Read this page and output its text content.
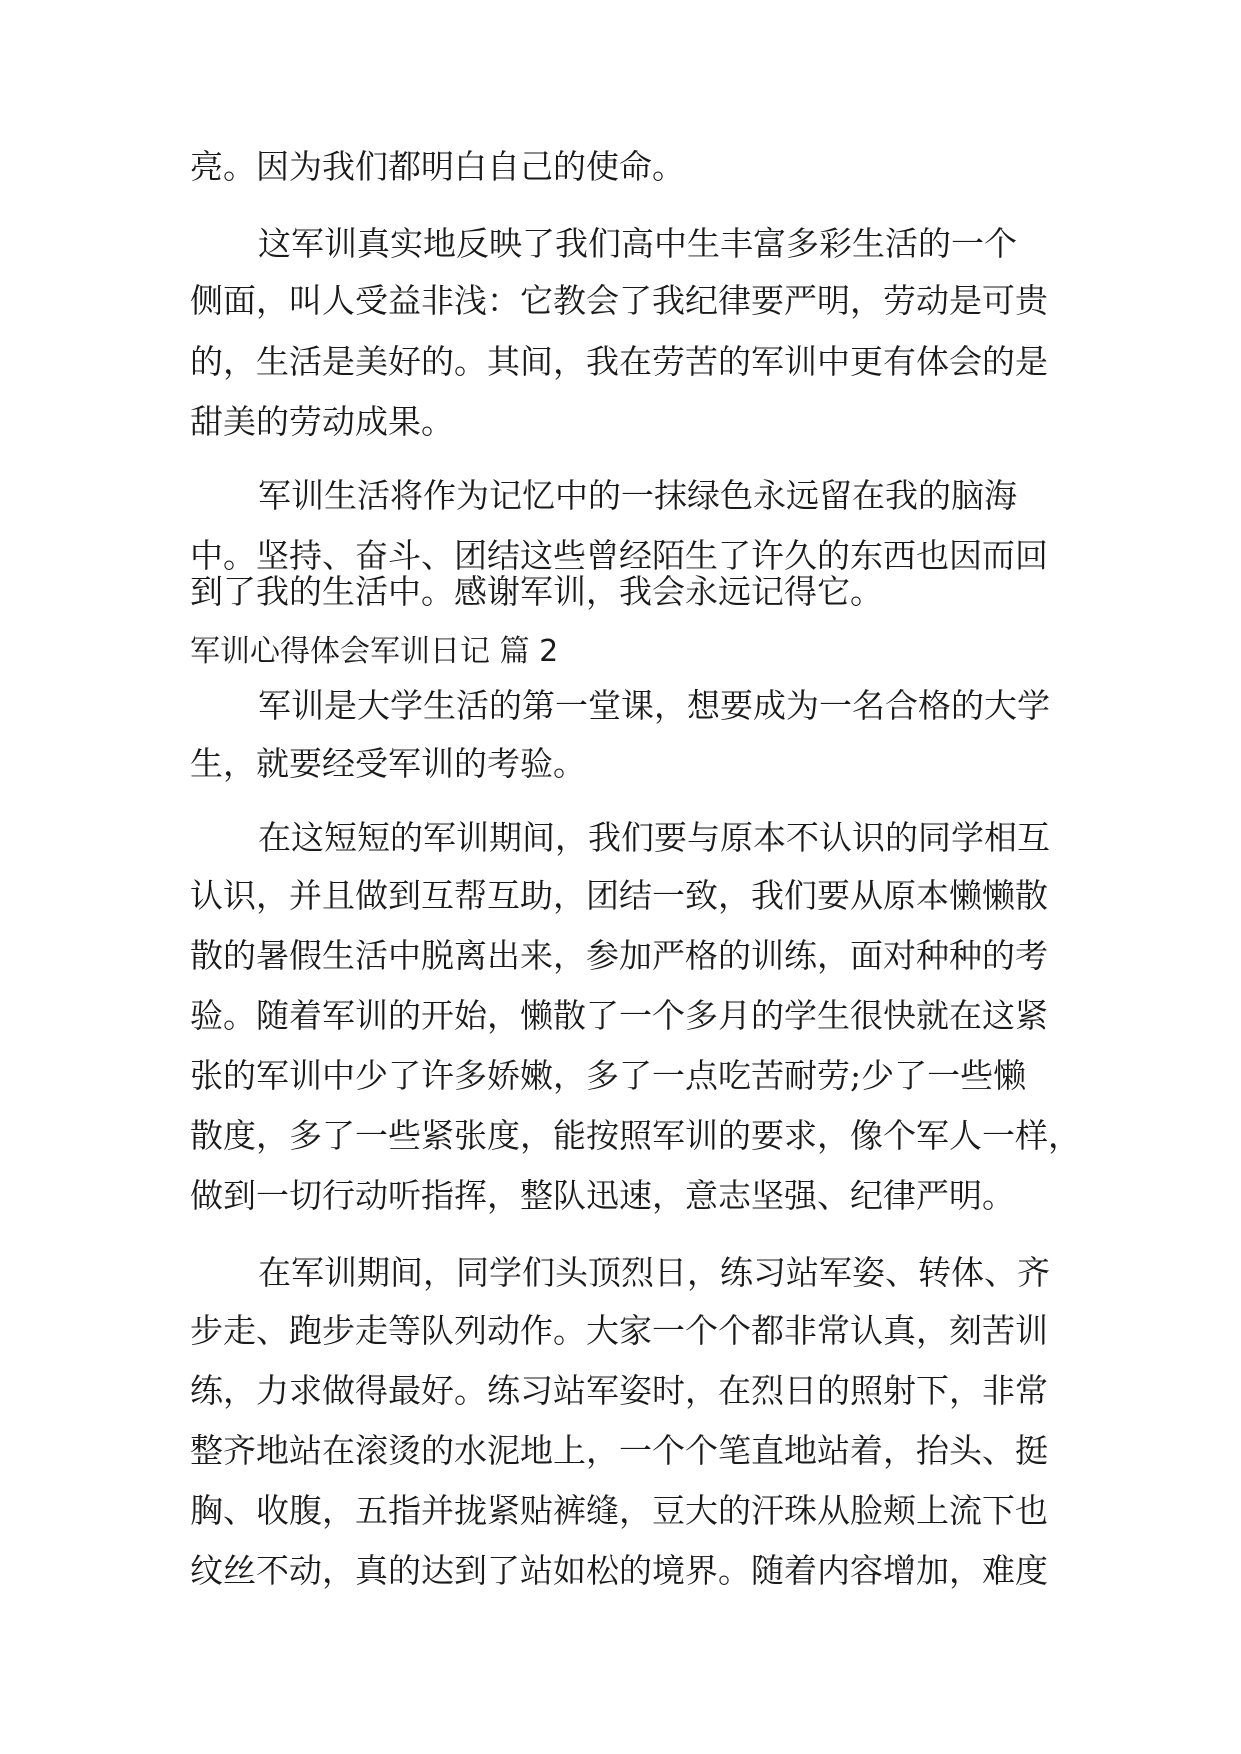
亮。因为我们都明白自己的使命。
这军训真实地反映了我们高中生丰富多彩生活的一个
侧面，叫人受益非浅：它教会了我纪律要严明，劳动是可贵
的，生活是美好的。其间，我在劳苦的军训中更有体会的是
甜美的劳动成果。
军训生活将作为记忆中的一抹绿色永远留在我的脑海
中。坚持、奋斗、团结这些曾经陌生了许久的东西也因而回
到了我的生活中。感谢军训，我会永远记得它。
军训心得体会军训日记 篇 2
军训是大学生活的第一堂课，想要成为一名合格的大学
生，就要经受军训的考验。
在这短短的军训期间，我们要与原本不认识的同学相互
认识，并且做到互帮互助，团结一致，我们要从原本懒懒散
散的暑假生活中脱离出来，参加严格的训练，面对种种的考
验。随着军训的开始，懒散了一个多月的学生很快就在这紧
张的军训中少了许多娇嫩，多了一点吃苦耐劳;少了一些懒
散度，多了一些紧张度，能按照军训的要求，像个军人一样，
做到一切行动听指挥，整队迅速，意志坚强、纪律严明。
在军训期间，同学们头顶烈日，练习站军姿、转体、齐
步走、跑步走等队列动作。大家一个个都非常认真，刻苦训
练，力求做得最好。练习站军姿时，在烈日的照射下，非常
整齐地站在滚烫的水泥地上，一个个笔直地站着，抬头、挺
胸、收腹，五指并拢紧贴裤缝，豆大的汗珠从脸颊上流下也
纹丝不动，真的达到了站如松的境界。随着内容增加，难度
